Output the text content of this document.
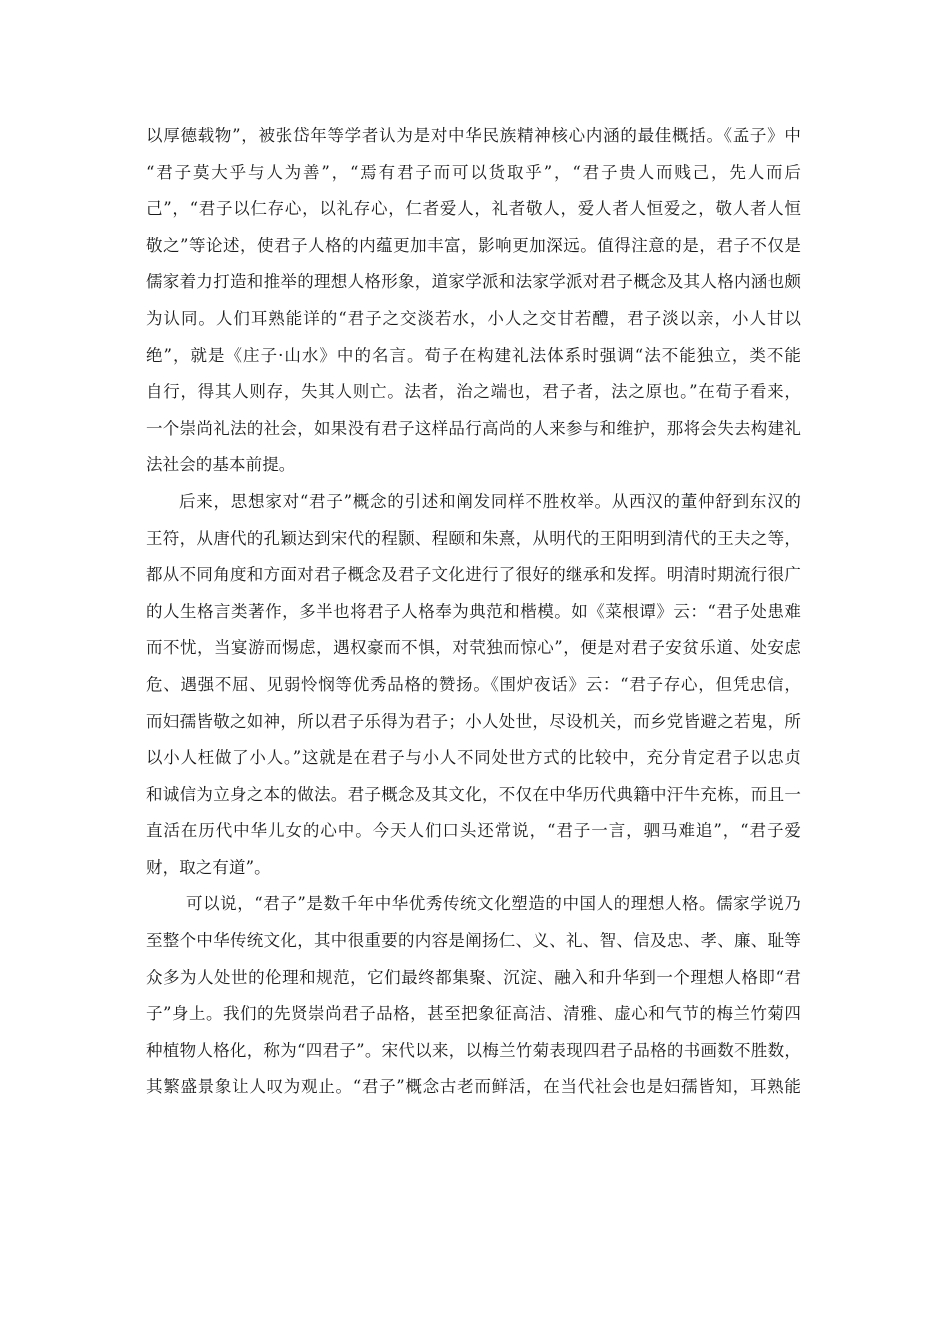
以厚德载物”，被张岱年等学者认为是对中华民族精神核心内涵的最佳概括。《孟子》中
“君子莫大乎与人为善”，“焉有君子而可以货取乎”，“君子贵人而贱己，先人而后
己”，“君子以仁存心，以礼存心，仁者爱人，礼者敬人，爱人者人恒爱之，敬人者人恒
敬之”等论述，使君子人格的内蕴更加丰富，影响更加深远。值得注意的是，君子不仅是
儒家着力打造和推举的理想人格形象，道家学派和法家学派对君子概念及其人格内涵也颇
为认同。人们耳熟能详的“君子之交淡若水，小人之交甘若醴，君子淡以亲，小人甘以
绝”，就是《庄子·山水》中的名言。荀子在构建礼法体系时强调“法不能独立，类不能
自行，得其人则存，失其人则亡。法者，治之端也，君子者，法之原也。”在荀子看来，
一个崇尚礼法的社会，如果没有君子这样品行高尚的人来参与和维护，那将会失去构建礼
法社会的基本前提。
后来，思想家对“君子”概念的引述和阐发同样不胜枚举。从西汉的董仲舒到东汉的
王符，从唐代的孔颖达到宋代的程颢、程颐和朱熹，从明代的王阳明到清代的王夫之等，
都从不同角度和方面对君子概念及君子文化进行了很好的继承和发挥。明清时期流行很广
的人生格言类著作，多半也将君子人格奉为典范和楷模。如《菜根谭》云：“君子处患难
而不忧，当宴游而惕虑，遇权豪而不惧，对茕独而惊心”，便是对君子安贫乐道、处安虑
危、遇强不屈、见弱怜悯等优秀品格的赞扬。《围炉夜话》云：“君子存心，但凭忠信，
而妇孺皆敬之如神，所以君子乐得为君子；小人处世，尽设机关，而乡党皆避之若鬼，所
以小人枉做了小人。”这就是在君子与小人不同处世方式的比较中，充分肯定君子以忠贞
和诚信为立身之本的做法。君子概念及其文化，不仅在中华历代典籍中汗牛充栋，而且一
直活在历代中华儿女的心中。今天人们口头还常说，“君子一言，驷马难追”，“君子爱
财，取之有道”。
可以说，“君子”是数千年中华优秀传统文化塑造的中国人的理想人格。儒家学说乃
至整个中华传统文化，其中很重要的内容是阐扬仁、义、礼、智、信及忠、孝、廉、耻等
众多为人处世的伦理和规范，它们最终都集聚、沉淀、融入和升华到一个理想人格即“君
子”身上。我们的先贤崇尚君子品格，甚至把象征高洁、清雅、虚心和气节的梅兰竹菊四
种植物人格化，称为“四君子”。宋代以来，以梅兰竹菊表现四君子品格的书画数不胜数，
其繁盛景象让人叹为观止。“君子”概念古老而鲜活，在当代社会也是妇孺皆知，耳熟能
